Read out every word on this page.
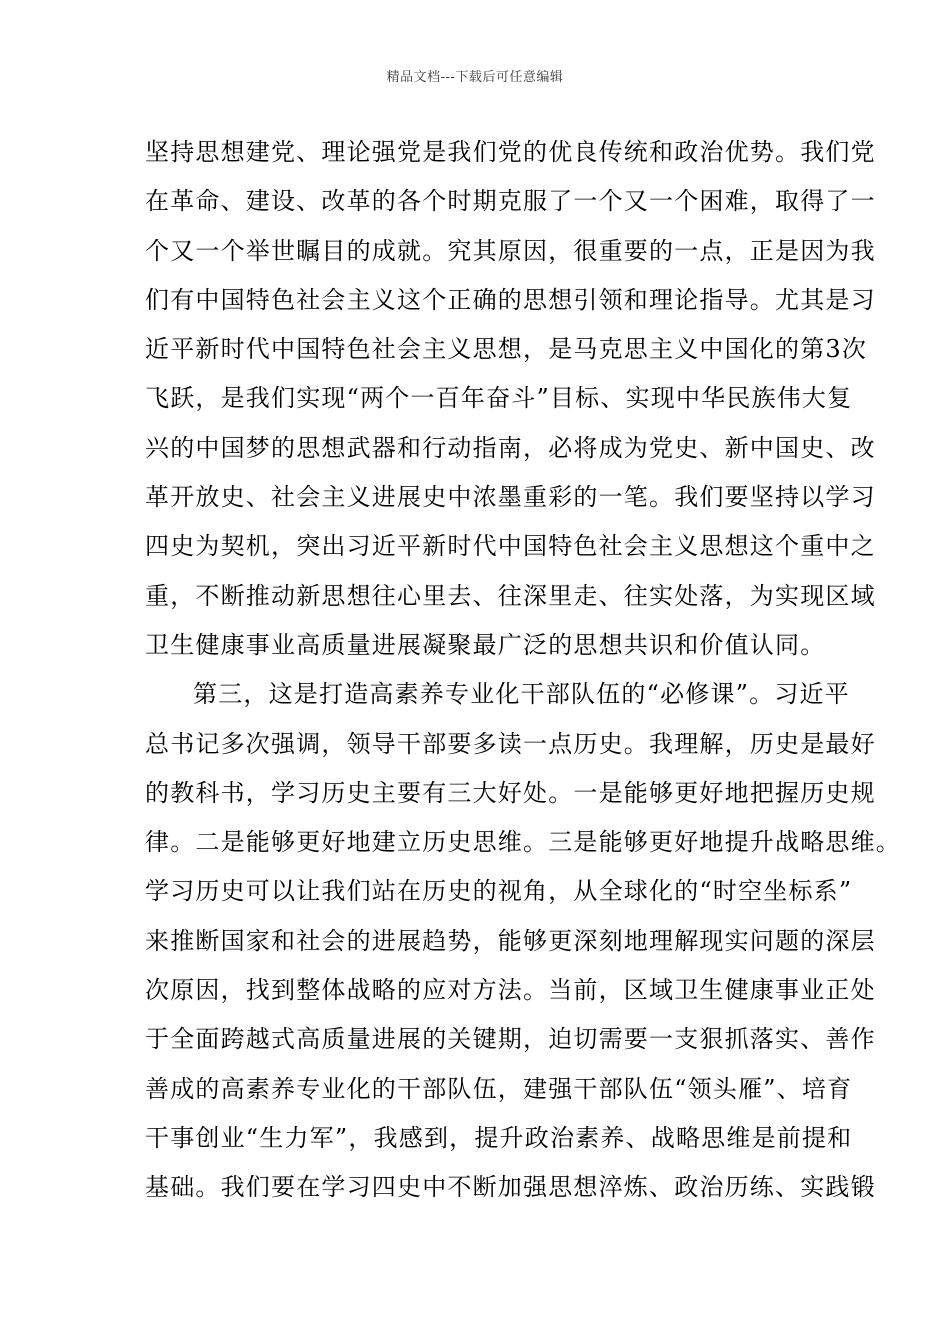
精品文档---下载后可任意编辑
坚持思想建党、理论强党是我们党的优良传统和政治优势。我们党
在革命、建设、改革的各个时期克服了一个又一个困难，取得了一
个又一个举世瞩目的成就。究其原因，很重要的一点，正是因为我
们有中国特色社会主义这个正确的思想引领和理论指导。尤其是习
近平新时代中国特色社会主义思想，是马克思主义中国化的第3次
飞跃，是我们实现“两个一百年奋斗”目标、实现中华民族伟大复
兴的中国梦的思想武器和行动指南，必将成为党史、新中国史、改
革开放史、社会主义进展史中浓墨重彩的一笔。我们要坚持以学习
四史为契机，突出习近平新时代中国特色社会主义思想这个重中之
重，不断推动新思想往心里去、往深里走、往实处落，为实现区域
卫生健康事业高质量进展凝聚最广泛的思想共识和价值认同。
第三，这是打造高素养专业化干部队伍的“必修课”。习近平
总书记多次强调，领导干部要多读一点历史。我理解，历史是最好
的教科书，学习历史主要有三大好处。一是能够更好地把握历史规
律。二是能够更好地建立历史思维。三是能够更好地提升战略思维。
学习历史可以让我们站在历史的视角，从全球化的“时空坐标系”
来推断国家和社会的进展趋势，能够更深刻地理解现实问题的深层
次原因，找到整体战略的应对方法。当前，区域卫生健康事业正处
于全面跨越式高质量进展的关键期，迫切需要一支狠抓落实、善作
善成的高素养专业化的干部队伍，建强干部队伍“领头雁”、培育
干事创业“生力军”，我感到，提升政治素养、战略思维是前提和
基础。我们要在学习四史中不断加强思想淬炼、政治历练、实践锻
